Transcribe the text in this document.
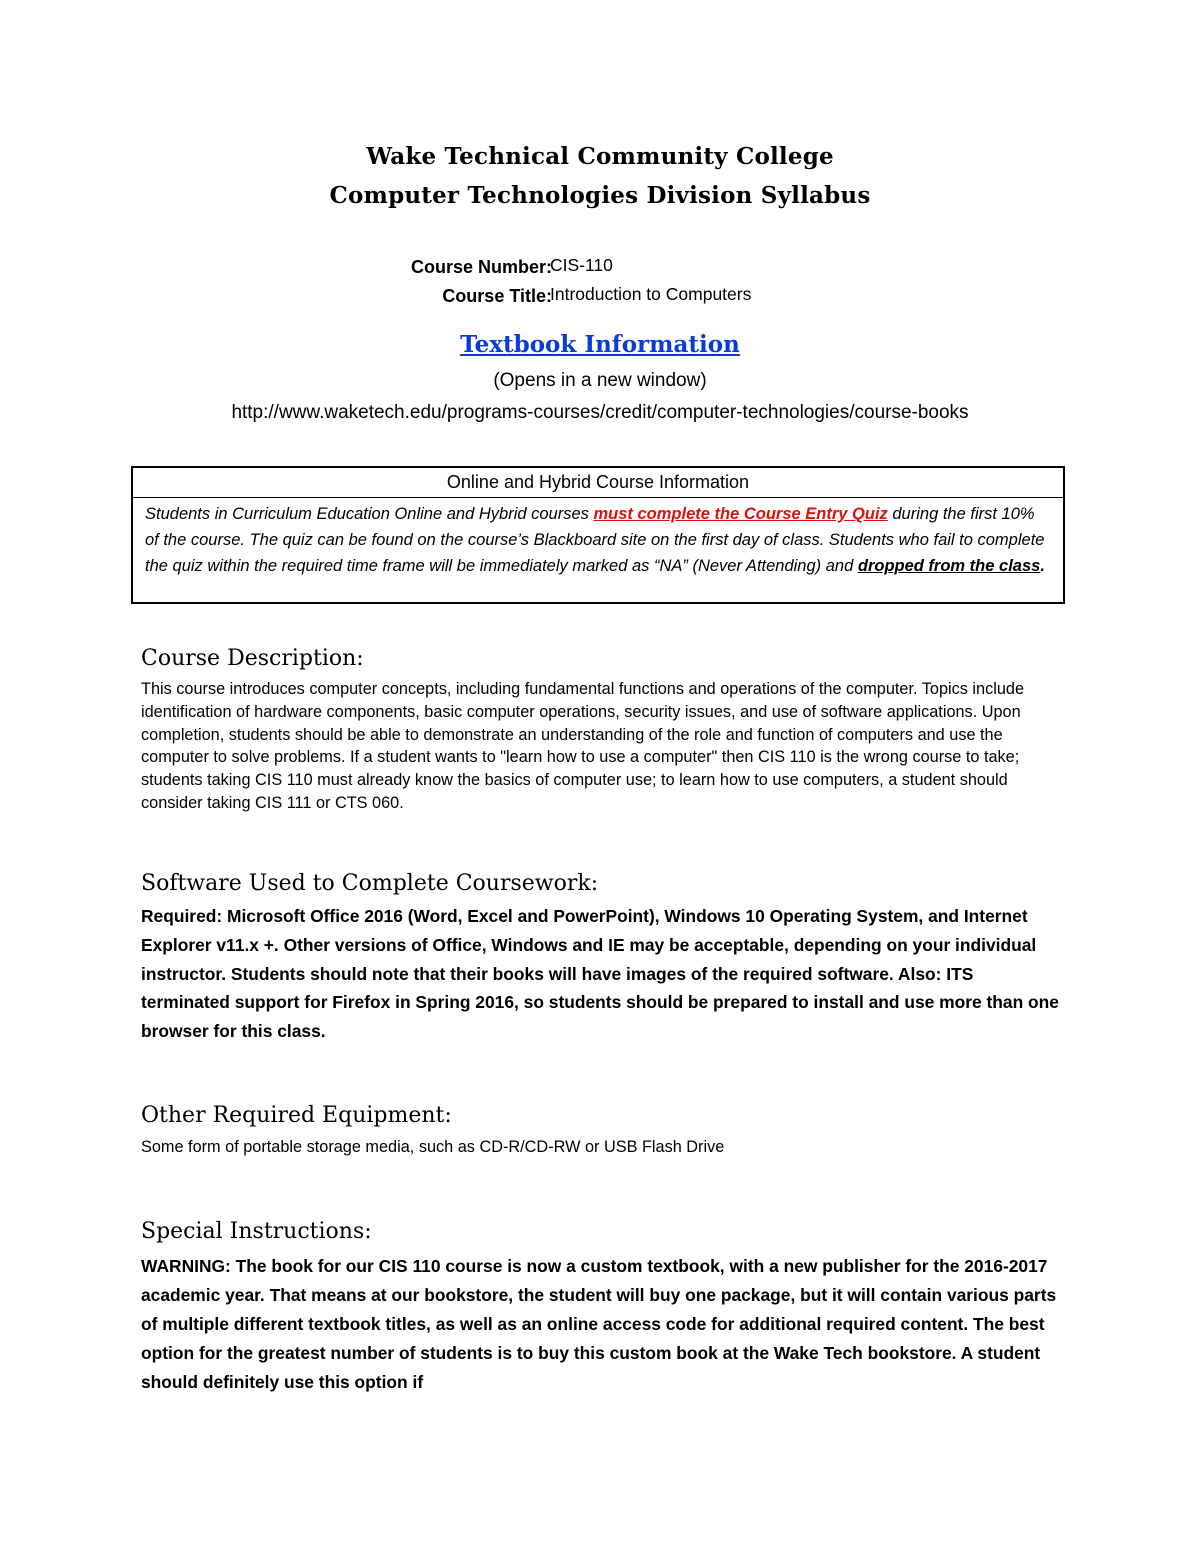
Wake Technical Community College
Computer Technologies Division Syllabus
Course Number:
CIS-110
Course Title:
Introduction to Computers
Textbook Information
(Opens in a new window)
http://www.waketech.edu/programs-courses/credit/computer-technologies/course-books
Online and Hybrid Course Information
Students in Curriculum Education Online and Hybrid courses must complete the Course Entry Quiz during the first 10% of the course. The quiz can be found on the course’s Blackboard site on the first day of class. Students who fail to complete the quiz within the required time frame will be immediately marked as “NA” (Never Attending) and dropped from the class.
Course Description:

This course introduces computer concepts, including fundamental functions and operations of the computer. Topics include identification of hardware components, basic computer operations, security issues, and use of software applications. Upon completion, students should be able to demonstrate an understanding of the role and function of computers and use the computer to solve problems. If a student wants to "learn how to use a computer" then CIS 110 is the wrong course to take; students taking CIS 110 must already know the basics of computer use; to learn how to use computers, a student should consider taking CIS 111 or CTS 060.

Software Used to Complete Coursework:

Required: Microsoft Office 2016 (Word, Excel and PowerPoint), Windows 10 Operating System, and Internet Explorer v11.x +. Other versions of Office, Windows and IE may be acceptable, depending on your individual instructor. Students should note that their books will have images of the required software. Also: ITS terminated support for Firefox in Spring 2016, so students should be prepared to install and use more than one browser for this class.

Other Required Equipment:

Some form of portable storage media, such as CD-R/CD-RW or USB Flash Drive

Special Instructions:

WARNING: The book for our CIS 110 course is now a custom textbook, with a new publisher for the 2016-2017 academic year. That means at our bookstore, the student will buy one package, but it will contain various parts of multiple different textbook titles, as well as an online access code for additional required content. The best option for the greatest number of students is to buy this custom book at the Wake Tech bookstore. A student should definitely use this option if
